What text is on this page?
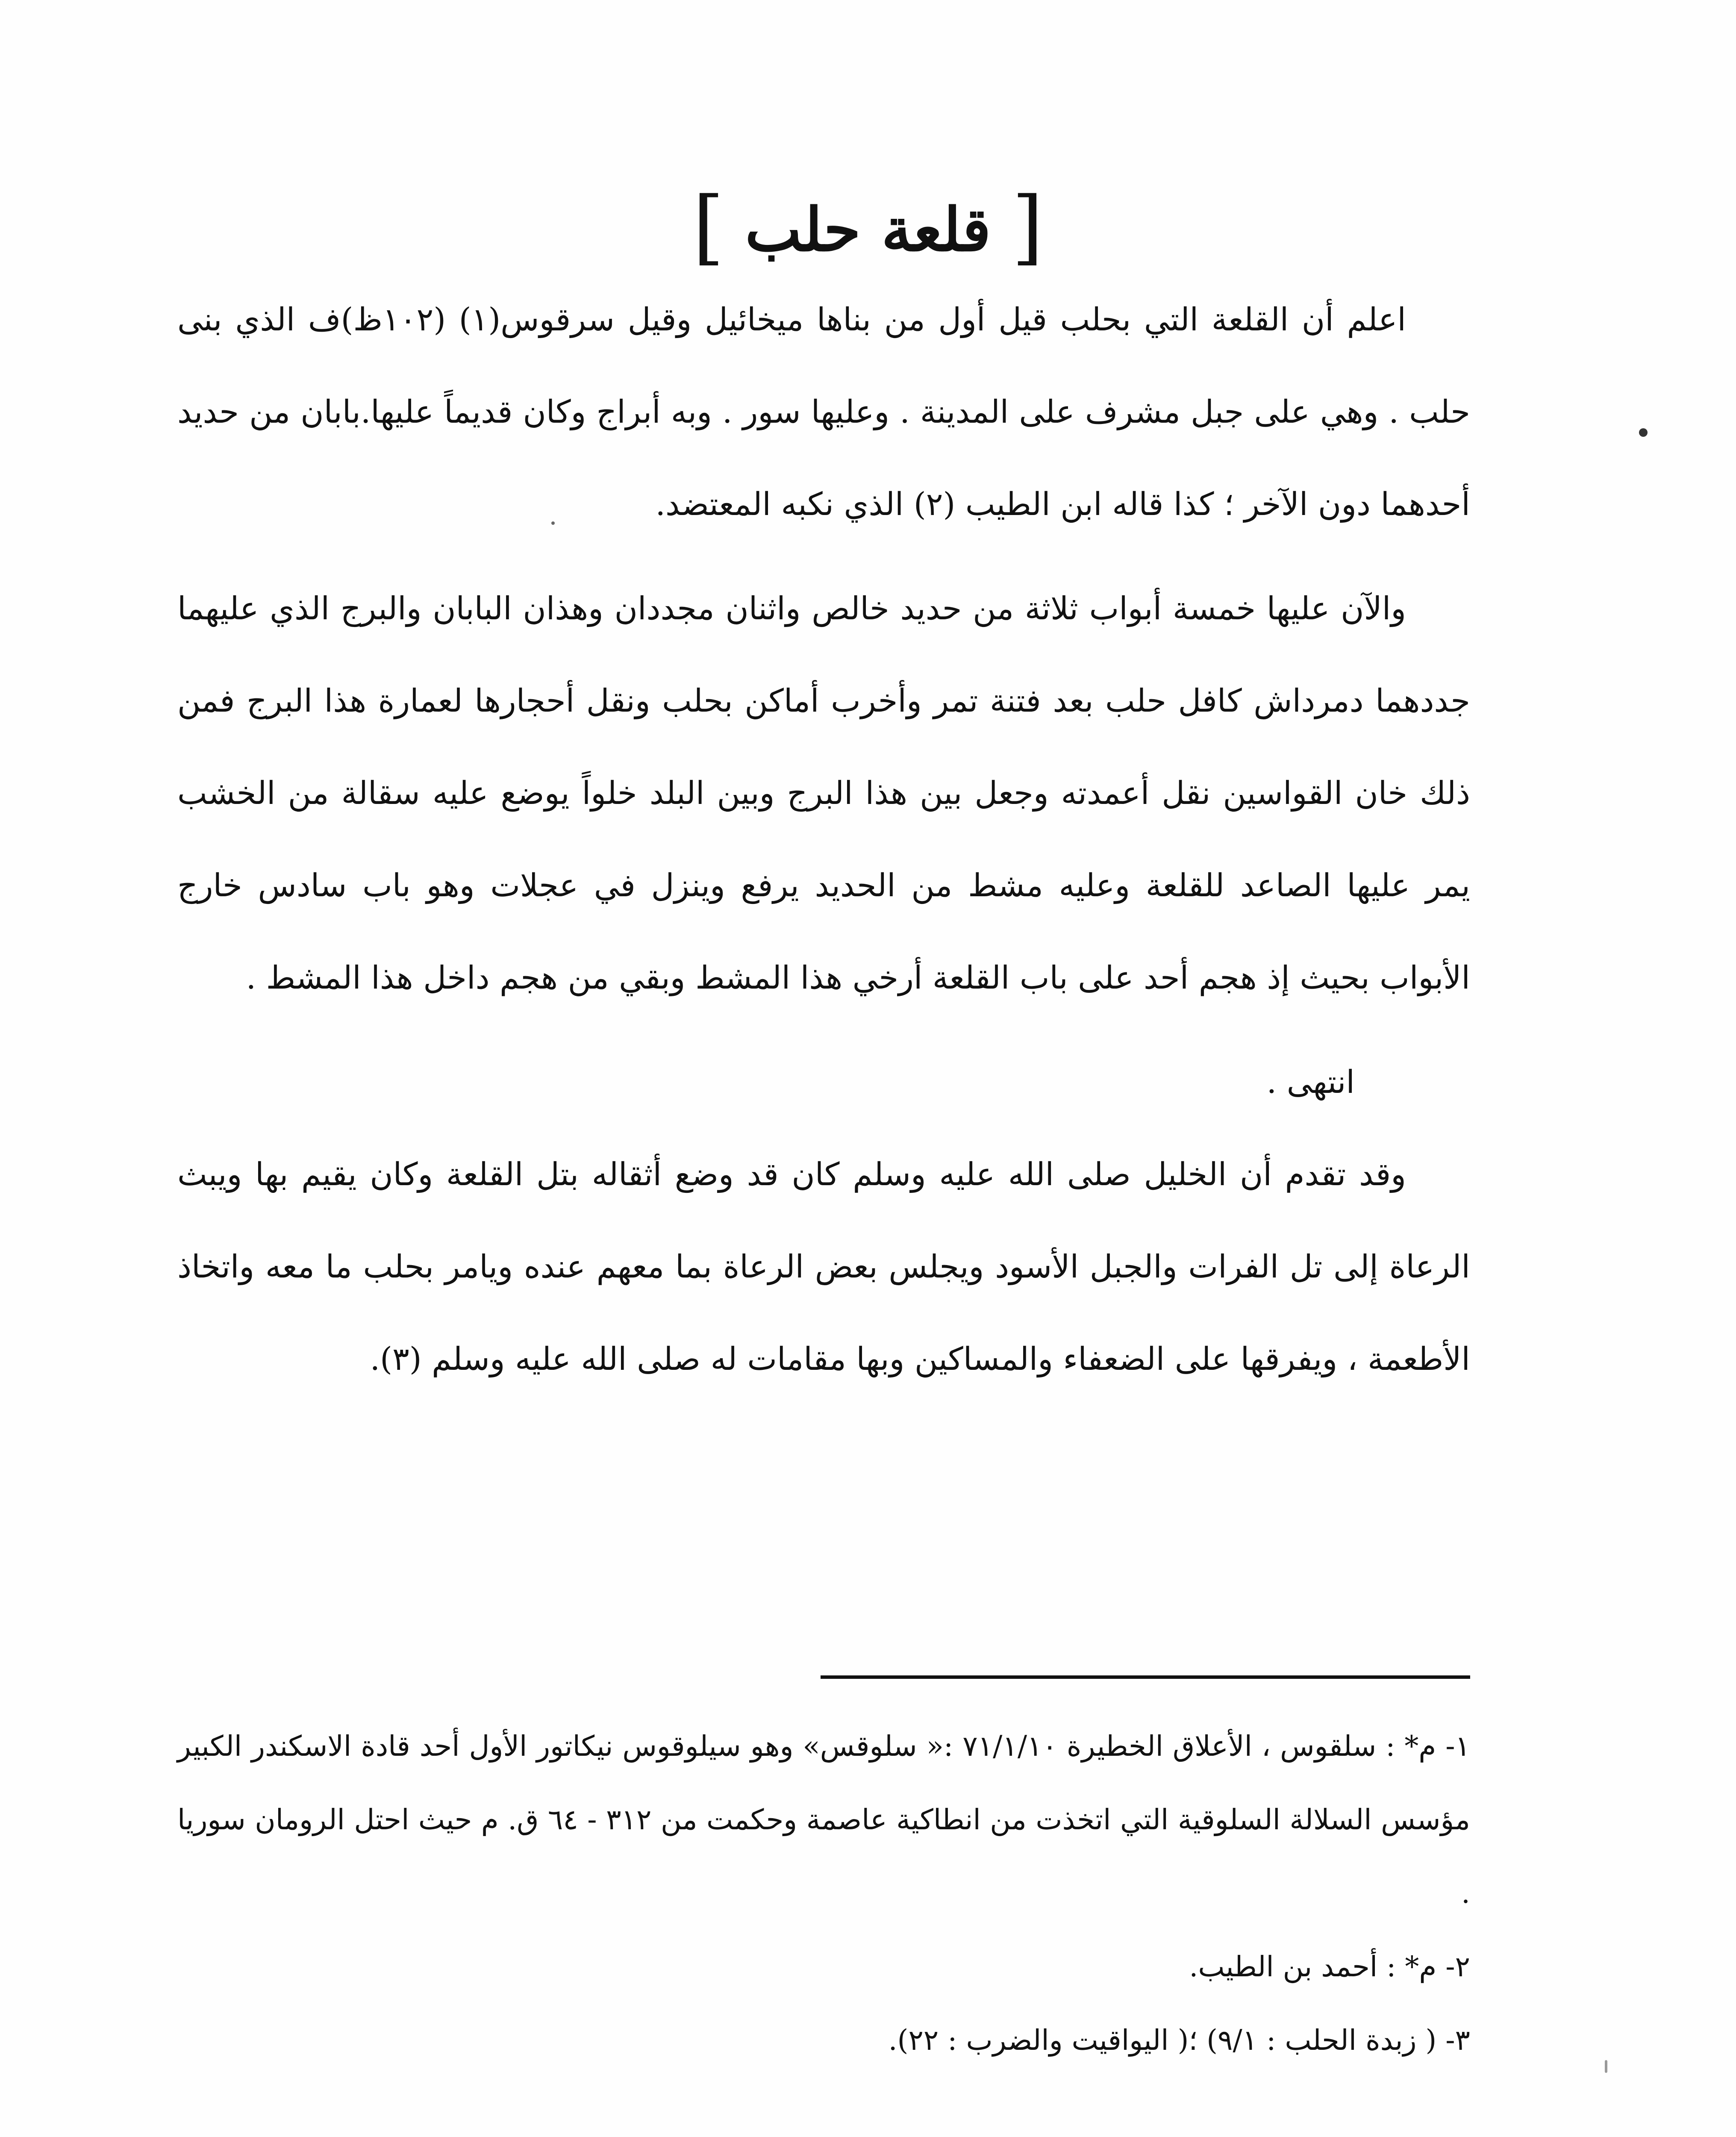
[ قلعة حلب ]

اعلم أن القلعة التي بحلب قيل أول من بناها ميخائيل وقيل سرقوس(١) (١٠٢ظ)ف الذي بنى حلب . وهي على جبل مشرف على المدينة . وعليها سور . وبه أبراج وكان قديماً عليها.بابان من حديد أحدهما دون الآخر ؛ كذا قاله ابن الطيب (٢) الذي نكبه المعتضد.

والآن عليها خمسة أبواب ثلاثة من حديد خالص واثنان مجددان وهذان البابان والبرج الذي عليهما جددهما دمرداش كافل حلب بعد فتنة تمر وأخرب أماكن بحلب ونقل أحجارها لعمارة هذا البرج فمن ذلك خان القواسين نقل أعمدته وجعل بين هذا البرج وبين البلد خلواً يوضع عليه سقالة من الخشب يمر عليها الصاعد للقلعة وعليه مشط من الحديد يرفع وينزل في عجلات وهو باب سادس خارج الأبواب بحيث إذ هجم أحد على باب القلعة أرخي هذا المشط وبقي من هجم داخل هذا المشط .

انتهى .

وقد تقدم أن الخليل صلى الله عليه وسلم كان قد وضع أثقاله بتل القلعة وكان يقيم بها ويبث الرعاة إلى تل الفرات والجبل الأسود ويجلس بعض الرعاة بما معهم عنده ويامر بحلب ما معه واتخاذ الأطعمة ، ويفرقها على الضعفاء والمساكين وبها مقامات له صلى الله عليه وسلم (٣).

١- م* : سلقوس ، الأعلاق الخطيرة ٧١/١/١٠ :« سلوقس» وهو سيلوقوس نيكاتور الأول أحد قادة الاسكندر الكبير مؤسس السلالة السلوقية التي اتخذت من انطاكية عاصمة وحكمت من ٣١٢ - ٦٤ ق. م حيث احتل الرومان سوريا .

٢- م* : أحمد بن الطيب.

٣- ( زبدة الحلب : ٩/١) ؛( اليواقيت والضرب : ٢٢).
